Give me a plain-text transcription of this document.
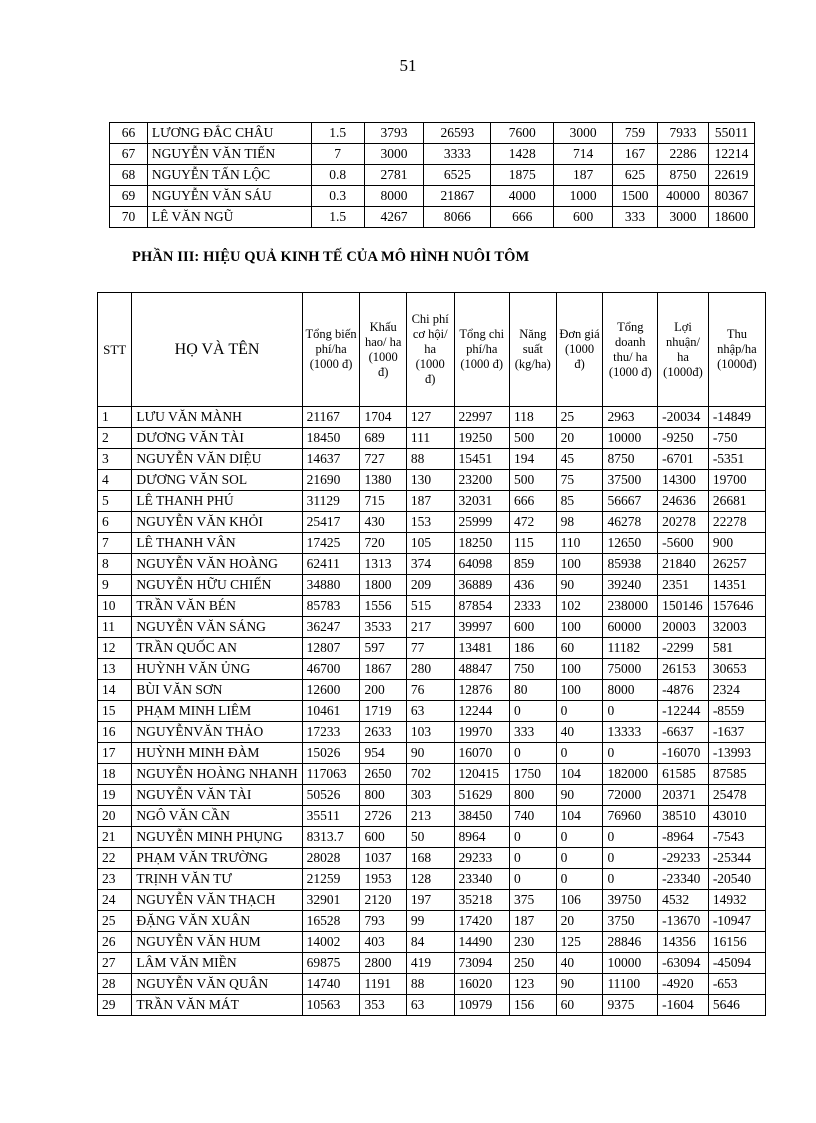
51
66	LƯƠNG ĐẮC CHÂU	1.5	3793	26593	7600	3000	759	7933	55011
67	NGUYỄN VĂN TIẾN	7	3000	3333	1428	714	167	2286	12214
68	NGUYỄN TẤN LỘC	0.8	2781	6525	1875	187	625	8750	22619
69	NGUYỄN VĂN SÁU	0.3	8000	21867	4000	1000	1500	40000	80367
70	LÊ VĂN NGŨ	1.5	4267	8066	666	600	333	3000	18600
PHẦN III: HIỆU QUẢ KINH TẾ CỦA MÔ HÌNH NUÔI TÔM
STT	HỌ VÀ TÊN	Tổng biến phí/ha (1000 đ)	Khấu hao/ ha (1000 đ)	Chi phí cơ hội/ ha (1000 đ)	Tổng chi phí/ha (1000 đ)	Năng suất (kg/ha)	Đơn giá (1000 đ)	Tổng doanh thu/ ha (1000 đ)	Lợi nhuận/ ha (1000đ)	Thu nhập/ha (1000đ)
1	LƯU VĂN MÀNH	21167	1704	127	22997	118	25	2963	-20034	-14849
2	DƯƠNG VĂN TÀI	18450	689	111	19250	500	20	10000	-9250	-750
3	NGUYỄN VĂN DIỆU	14637	727	88	15451	194	45	8750	-6701	-5351
4	DƯƠNG VĂN SOL	21690	1380	130	23200	500	75	37500	14300	19700
5	LÊ THANH PHÚ	31129	715	187	32031	666	85	56667	24636	26681
6	NGUYỄN VĂN KHỎI	25417	430	153	25999	472	98	46278	20278	22278
7	LÊ THANH VÂN	17425	720	105	18250	115	110	12650	-5600	900
8	NGUYỄN VĂN HOÀNG	62411	1313	374	64098	859	100	85938	21840	26257
9	NGUYỄN HỮU CHIẾN	34880	1800	209	36889	436	90	39240	2351	14351
10	TRẦN VĂN BÉN	85783	1556	515	87854	2333	102	238000	150146	157646
11	NGUYỄN VĂN SÁNG	36247	3533	217	39997	600	100	60000	20003	32003
12	TRẦN QUỐC AN	12807	597	77	13481	186	60	11182	-2299	581
13	HUỲNH VĂN ỦNG	46700	1867	280	48847	750	100	75000	26153	30653
14	BÙI VĂN SƠN	12600	200	76	12876	80	100	8000	-4876	2324
15	PHẠM MINH LIÊM	10461	1719	63	12244	0	0	0	-12244	-8559
16	NGUYỄNVĂN THẢO	17233	2633	103	19970	333	40	13333	-6637	-1637
17	HUỲNH MINH ĐÀM	15026	954	90	16070	0	0	0	-16070	-13993
18	NGUYỄN HOÀNG NHANH	117063	2650	702	120415	1750	104	182000	61585	87585
19	NGUYỄN VĂN TÀI	50526	800	303	51629	800	90	72000	20371	25478
20	NGÔ VĂN CẦN	35511	2726	213	38450	740	104	76960	38510	43010
21	NGUYỄN MINH PHỤNG	8313.7	600	50	8964	0	0	0	-8964	-7543
22	PHẠM VĂN TRƯỜNG	28028	1037	168	29233	0	0	0	-29233	-25344
23	TRỊNH VĂN TƯ	21259	1953	128	23340	0	0	0	-23340	-20540
24	NGUYỄN VĂN THẠCH	32901	2120	197	35218	375	106	39750	4532	14932
25	ĐẶNG VĂN XUÂN	16528	793	99	17420	187	20	3750	-13670	-10947
26	NGUYỄN VĂN HUM	14002	403	84	14490	230	125	28846	14356	16156
27	LÂM VĂN MIỀN	69875	2800	419	73094	250	40	10000	-63094	-45094
28	NGUYỄN VĂN QUÂN	14740	1191	88	16020	123	90	11100	-4920	-653
29	TRẦN VĂN MÁT	10563	353	63	10979	156	60	9375	-1604	5646
